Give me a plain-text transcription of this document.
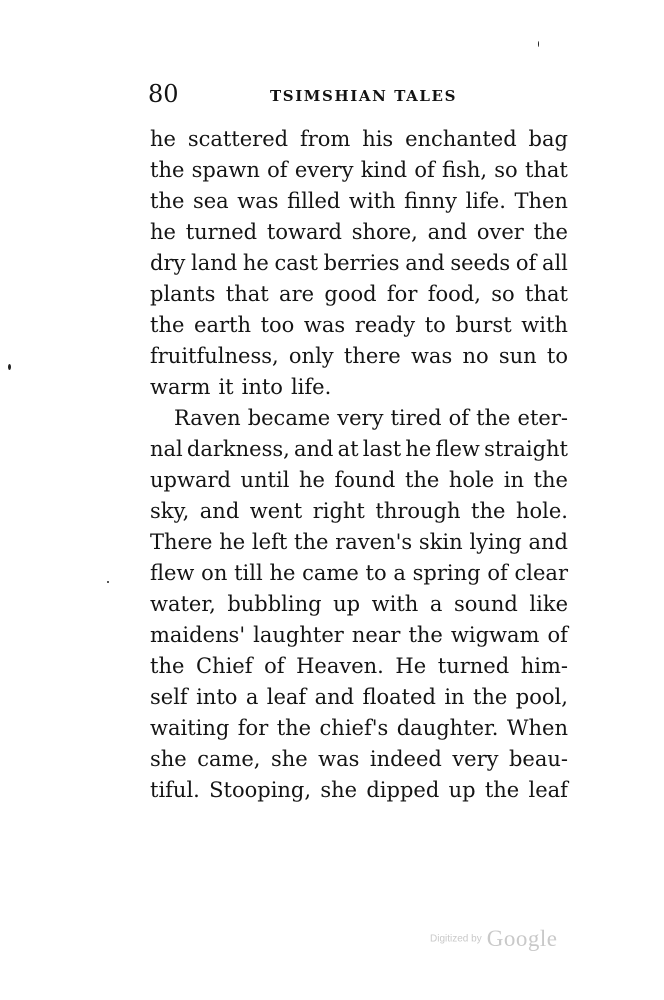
80	TSIMSHIAN TALES
he scattered from his enchanted bag
the spawn of every kind of fish, so that
the sea was filled with finny life. Then
he turned toward shore, and over the
dry land he cast berries and seeds of all
plants that are good for food, so that
the earth too was ready to burst with
fruitfulness, only there was no sun to
warm it into life.
Raven became very tired of the eter-
nal darkness, and at last he flew straight
upward until he found the hole in the
sky, and went right through the hole.
There he left the raven's skin lying and
flew on till he came to a spring of clear
water, bubbling up with a sound like
maidens' laughter near the wigwam of
the Chief of Heaven. He turned him-
self into a leaf and floated in the pool,
waiting for the chief's daughter. When
she came, she was indeed very beau-
tiful. Stooping, she dipped up the leaf
Digitized by Google
